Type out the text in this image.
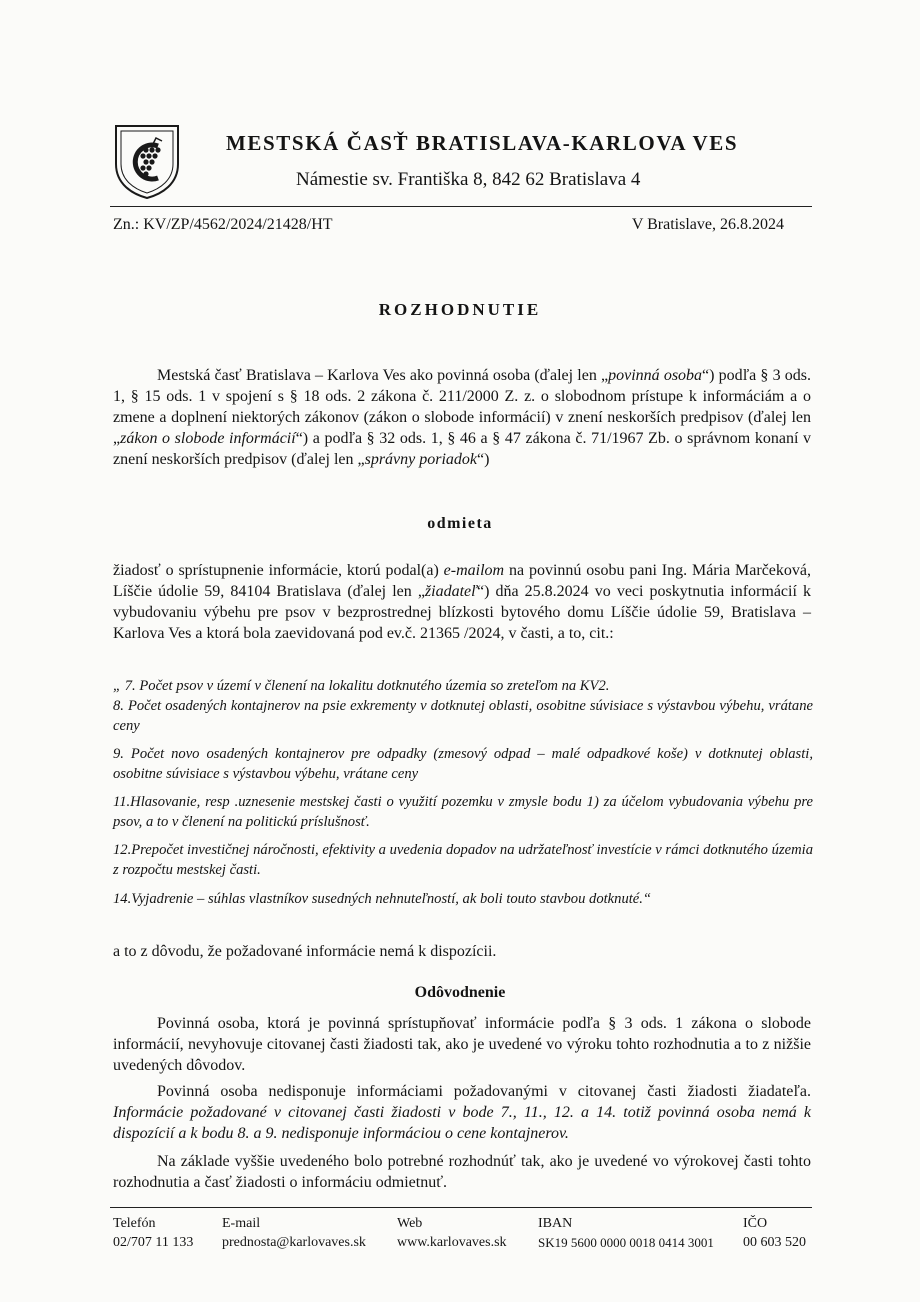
MESTSKÁ ČASŤ BRATISLAVA-KARLOVA VES
Námestie sv. Františka 8, 842 62 Bratislava 4
Zn.: KV/ZP/4562/2024/21428/HT	V Bratislave, 26.8.2024
ROZHODNUTIE
Mestská časť Bratislava – Karlova Ves ako povinná osoba (ďalej len „povinná osoba“) podľa § 3 ods. 1, § 15 ods. 1 v spojení s § 18 ods. 2 zákona č. 211/2000 Z. z. o slobodnom prístupe k informáciám a o zmene a doplnení niektorých zákonov (zákon o slobode informácií) v znení neskorších predpisov (ďalej len „zákon o slobode informácií“) a podľa § 32 ods. 1, § 46 a § 47 zákona č. 71/1967 Zb. o správnom konaní v znení neskorších predpisov (ďalej len „správny poriadok“)
odmieta
žiadosť o sprístupnenie informácie, ktorú podal(a) e-mailom na povinnú osobu pani Ing. Mária Marčeková, Líščie údolie 59, 84104 Bratislava (ďalej len „žiadateľ“) dňa 25.8.2024 vo veci poskytnutia informácií k vybudovaniu výbehu pre psov v bezprostrednej blízkosti bytového domu Líščie údolie 59, Bratislava – Karlova Ves a ktorá bola zaevidovaná pod ev.č. 21365 /2024, v časti, a to, cit.:
„ 7. Počet psov v území v členení na lokalitu dotknutého územia so zreteľom na KV2.
8. Počet osadených kontajnerov na psie exkrementy v dotknutej oblasti, osobitne súvisiace s výstavbou výbehu, vrátane ceny
9. Počet novo osadených kontajnerov pre odpadky (zmesový odpad – malé odpadkové koše) v dotknutej oblasti, osobitne súvisiace s výstavbou výbehu, vrátane ceny
11.Hlasovanie, resp .uznesenie mestskej časti o využití pozemku v zmysle bodu 1) za účelom vybudovania výbehu pre psov, a to v členení na politickú príslušnosť.
12.Prepočet investičnej náročnosti, efektivity a uvedenia dopadov na udržateľnosť investície v rámci dotknutého územia z rozpočtu mestskej časti.
14.Vyjadrenie – súhlas vlastníkov susedných nehnuteľností, ak boli touto stavbou dotknuté.“
a to z dôvodu, že požadované informácie nemá k dispozícii.
Odôvodnenie
Povinná osoba, ktorá je povinná sprístupňovať informácie podľa § 3 ods. 1 zákona o slobode informácií, nevyhovuje citovanej časti žiadosti tak, ako je uvedené vo výroku tohto rozhodnutia a to z nižšie uvedených dôvodov.
Povinná osoba nedisponuje informáciami požadovanými v citovanej časti žiadosti žiadateľa. Informácie požadované v citovanej časti žiadosti v bode 7., 11., 12. a 14. totiž povinná osoba nemá k dispozícií a k bodu 8. a 9. nedisponuje informáciou o cene kontajnerov.
Na základe vyššie uvedeného bolo potrebné rozhodnúť tak, ako je uvedené vo výrokovej časti tohto rozhodnutia a časť žiadosti o informáciu odmietnuť.
Telefón
02/707 11 133
E-mail
prednosta@karlovaves.sk
Web
www.karlovaves.sk
IBAN
SK19 5600 0000 0018 0414 3001
IČO
00 603 520
